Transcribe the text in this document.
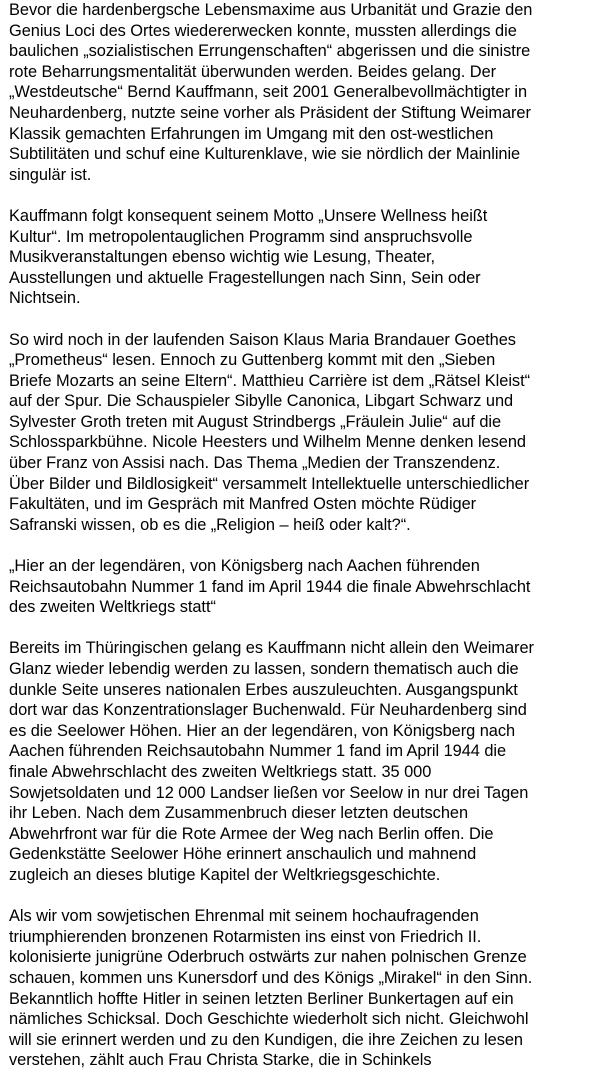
Bevor die hardenbergsche Lebensmaxime aus Urbanität und Grazie den
Genius Loci des Ortes wiedererwecken konnte, mussten allerdings die
baulichen „sozialistischen Errungenschaften“ abgerissen und die sinistre
rote Beharrungsmentalität überwunden werden. Beides gelang. Der
„Westdeutsche“ Bernd Kauffmann, seit 2001 Generalbevollmächtigter in
Neuhardenberg, nutzte seine vorher als Präsident der Stiftung Weimarer
Klassik gemachten Erfahrungen im Umgang mit den ost-westlichen
Subtilitäten und schuf eine Kulturenklave, wie sie nördlich der Mainlinie
singulär ist.

Kauffmann folgt konsequent seinem Motto „Unsere Wellness heißt
Kultur“. Im metropolentauglichen Programm sind anspruchsvolle
Musikveranstaltungen ebenso wichtig wie Lesung, Theater,
Ausstellungen und aktuelle Fragestellungen nach Sinn, Sein oder
Nichtsein.

So wird noch in der laufenden Saison Klaus Maria Brandauer Goethes
„Prometheus“ lesen. Ennoch zu Guttenberg kommt mit den „Sieben
Briefe Mozarts an seine Eltern“. Matthieu Carrière ist dem „Rätsel Kleist“
auf der Spur. Die Schauspieler Sibylle Canonica, Libgart Schwarz und
Sylvester Groth treten mit August Strindbergs „Fräulein Julie“ auf die
Schlossparkbühne. Nicole Heesters und Wilhelm Menne denken lesend
über Franz von Assisi nach. Das Thema „Medien der Transzendenz.
Über Bilder und Bildlosigkeit“ versammelt Intellektuelle unterschiedlicher
Fakultäten, und im Gespräch mit Manfred Osten möchte Rüdiger
Safranski wissen, ob es die „Religion – heiß oder kalt?“.

„Hier an der legendären, von Königsberg nach Aachen führenden
Reichsautobahn Nummer 1 fand im April 1944 die finale Abwehrschlacht
des zweiten Weltkriegs statt“

Bereits im Thüringischen gelang es Kauffmann nicht allein den Weimarer
Glanz wieder lebendig werden zu lassen, sondern thematisch auch die
dunkle Seite unseres nationalen Erbes auszuleuchten. Ausgangspunkt
dort war das Konzentrationslager Buchenwald. Für Neuhardenberg sind
es die Seelower Höhen. Hier an der legendären, von Königsberg nach
Aachen führenden Reichsautobahn Nummer 1 fand im April 1944 die
finale Abwehrschlacht des zweiten Weltkriegs statt. 35 000
Sowjetsoldaten und 12 000 Landser ließen vor Seelow in nur drei Tagen
ihr Leben. Nach dem Zusammenbruch dieser letzten deutschen
Abwehrfront war für die Rote Armee der Weg nach Berlin offen. Die
Gedenkstätte Seelower Höhe erinnert anschaulich und mahnend
zugleich an dieses blutige Kapitel der Weltkriegsgeschichte.

Als wir vom sowjetischen Ehrenmal mit seinem hochaufragenden
triumphierenden bronzenen Rotarmisten ins einst von Friedrich II.
kolonisierte junigrüne Oderbruch ostwärts zur nahen polnischen Grenze
schauen, kommen uns Kunersdorf und des Königs „Mirakel“ in den Sinn.
Bekanntlich hoffte Hitler in seinen letzten Berliner Bunkertagen auf ein
nämliches Schicksal. Doch Geschichte wiederholt sich nicht. Gleichwohl
will sie erinnert werden und zu den Kundigen, die ihre Zeichen zu lesen
verstehen, zählt auch Frau Christa Starke, die in Schinkels
